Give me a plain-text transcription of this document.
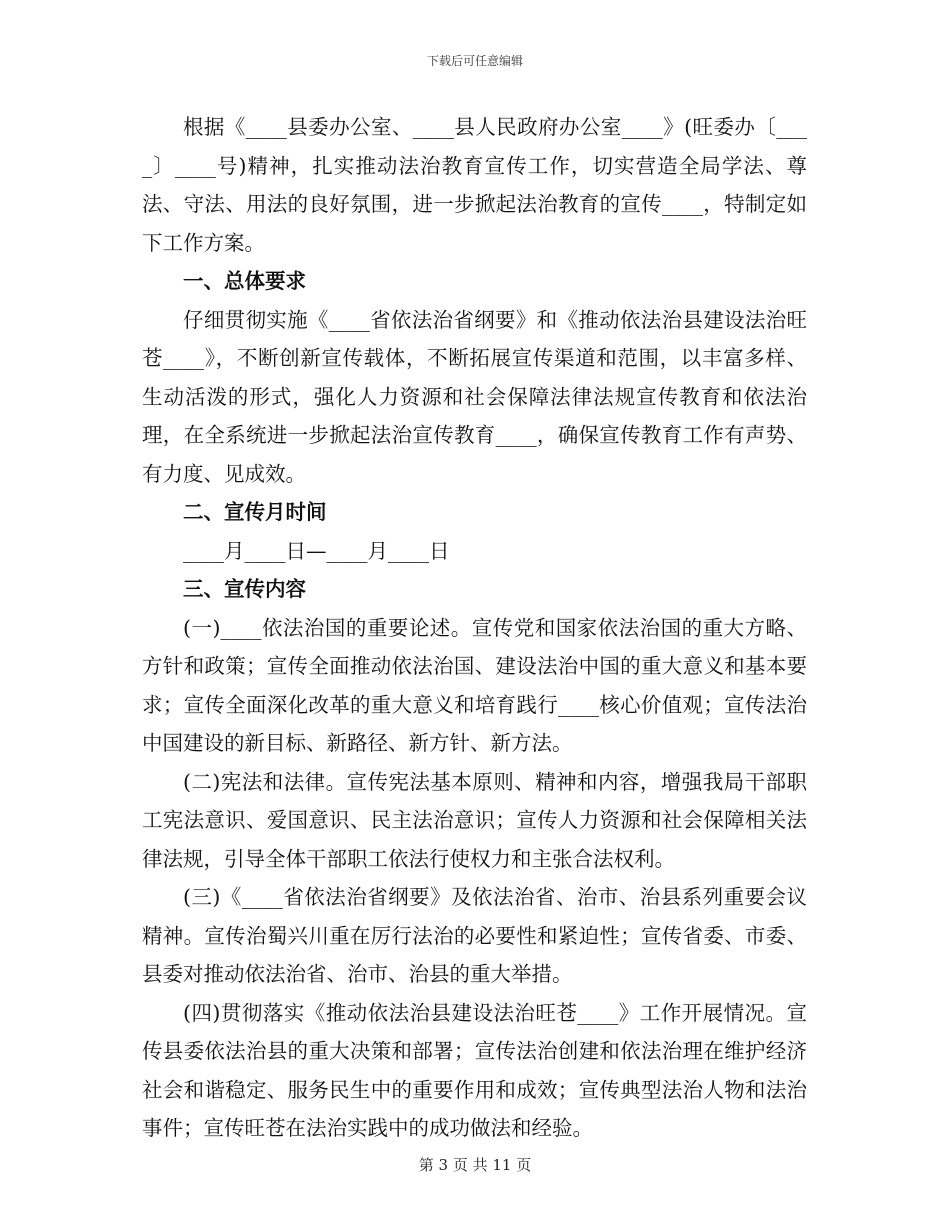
下载后可任意编辑

根据《____县委办公室、____县人民政府办公室____》(旺委办〔____〕____号)精神，扎实推动法治教育宣传工作，切实营造全局学法、尊法、守法、用法的良好氛围，进一步掀起法治教育的宣传____，特制定如下工作方案。

一、总体要求

仔细贯彻实施《____省依法治省纲要》和《推动依法治县建设法治旺苍____》，不断创新宣传载体，不断拓展宣传渠道和范围，以丰富多样、生动活泼的形式，强化人力资源和社会保障法律法规宣传教育和依法治理，在全系统进一步掀起法治宣传教育____，确保宣传教育工作有声势、有力度、见成效。

二、宣传月时间

____月____日—____月____日

三、宣传内容

(一)____依法治国的重要论述。宣传党和国家依法治国的重大方略、方针和政策；宣传全面推动依法治国、建设法治中国的重大意义和基本要求；宣传全面深化改革的重大意义和培育践行____核心价值观；宣传法治中国建设的新目标、新路径、新方针、新方法。

(二)宪法和法律。宣传宪法基本原则、精神和内容，增强我局干部职工宪法意识、爱国意识、民主法治意识；宣传人力资源和社会保障相关法律法规，引导全体干部职工依法行使权力和主张合法权利。

(三)《____省依法治省纲要》及依法治省、治市、治县系列重要会议精神。宣传治蜀兴川重在厉行法治的必要性和紧迫性；宣传省委、市委、县委对推动依法治省、治市、治县的重大举措。

(四)贯彻落实《推动依法治县建设法治旺苍____》工作开展情况。宣传县委依法治县的重大决策和部署；宣传法治创建和依法治理在维护经济社会和谐稳定、服务民生中的重要作用和成效；宣传典型法治人物和法治事件；宣传旺苍在法治实践中的成功做法和经验。

第 3 页 共 11 页
